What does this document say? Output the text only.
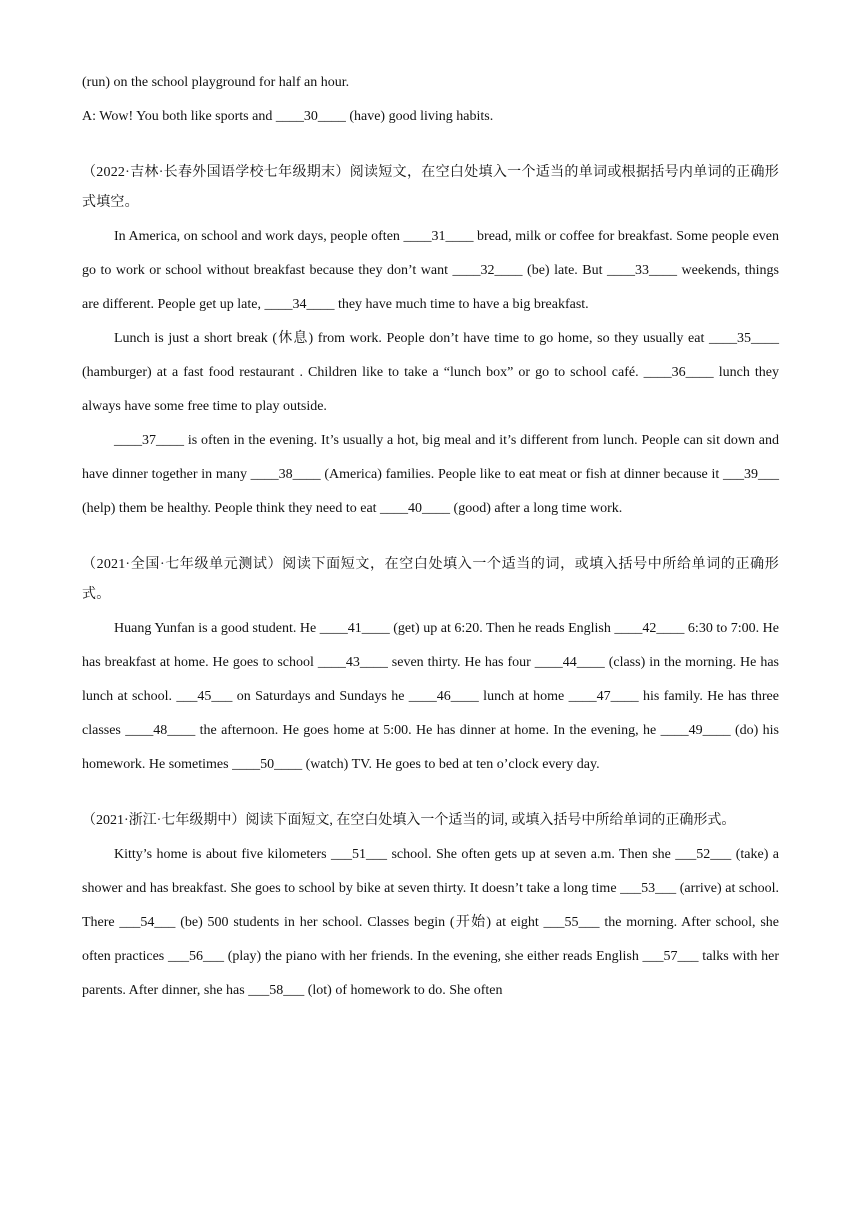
(run) on the school playground for half an hour.
A: Wow! You both like sports and ____30____ (have) good living habits.

（2022·吉林·长春外国语学校七年级期末）阅读短文，在空白处填入一个适当的单词或根据括号内单词的正确形式填空。

In America, on school and work days, people often ____31____ bread, milk or coffee for breakfast. Some people even go to work or school without breakfast because they don’t want ____32____ (be) late. But ____33____ weekends, things are different. People get up late, ____34____ they have much time to have a big breakfast.

Lunch is just a short break (休息) from work. People don’t have time to go home, so they usually eat ____35____ (hamburger) at a fast food restaurant . Children like to take a “lunch box” or go to school café. ____36____ lunch they always have some free time to play outside.

____37____ is often in the evening. It’s usually a hot, big meal and it’s different from lunch. People can sit down and have dinner together in many ____38____ (America) families. People like to eat meat or fish at dinner because it ___39___ (help) them be healthy. People think they need to eat ____40____ (good) after a long time work.

（2021·全国·七年级单元测试）阅读下面短文，在空白处填入一个适当的词，或填入括号中所给单词的正确形式。

Huang Yunfan is a good student. He ____41____ (get) up at 6:20. Then he reads English ____42____ 6:30 to 7:00. He has breakfast at home. He goes to school ____43____ seven thirty. He has four ____44____ (class) in the morning. He has lunch at school. ___45___ on Saturdays and Sundays he ____46____ lunch at home ____47____ his family. He has three classes ____48____ the afternoon. He goes home at 5:00. He has dinner at home. In the evening, he ____49____ (do) his homework. He sometimes ____50____ (watch) TV. He goes to bed at ten o’clock every day.

（2021·浙江·七年级期中）阅读下面短文, 在空白处填入一个适当的词, 或填入括号中所给单词的正确形式。

Kitty’s home is about five kilometers ___51___ school. She often gets up at seven a.m. Then she ___52___ (take) a shower and has breakfast. She goes to school by bike at seven thirty. It doesn’t take a long time ___53___ (arrive) at school. There ___54___ (be) 500 students in her school. Classes begin (开始) at eight ___55___ the morning. After school, she often practices ___56___ (play) the piano with her friends. In the evening, she either reads English ___57___ talks with her parents. After dinner, she has ___58___ (lot) of homework to do. She often
